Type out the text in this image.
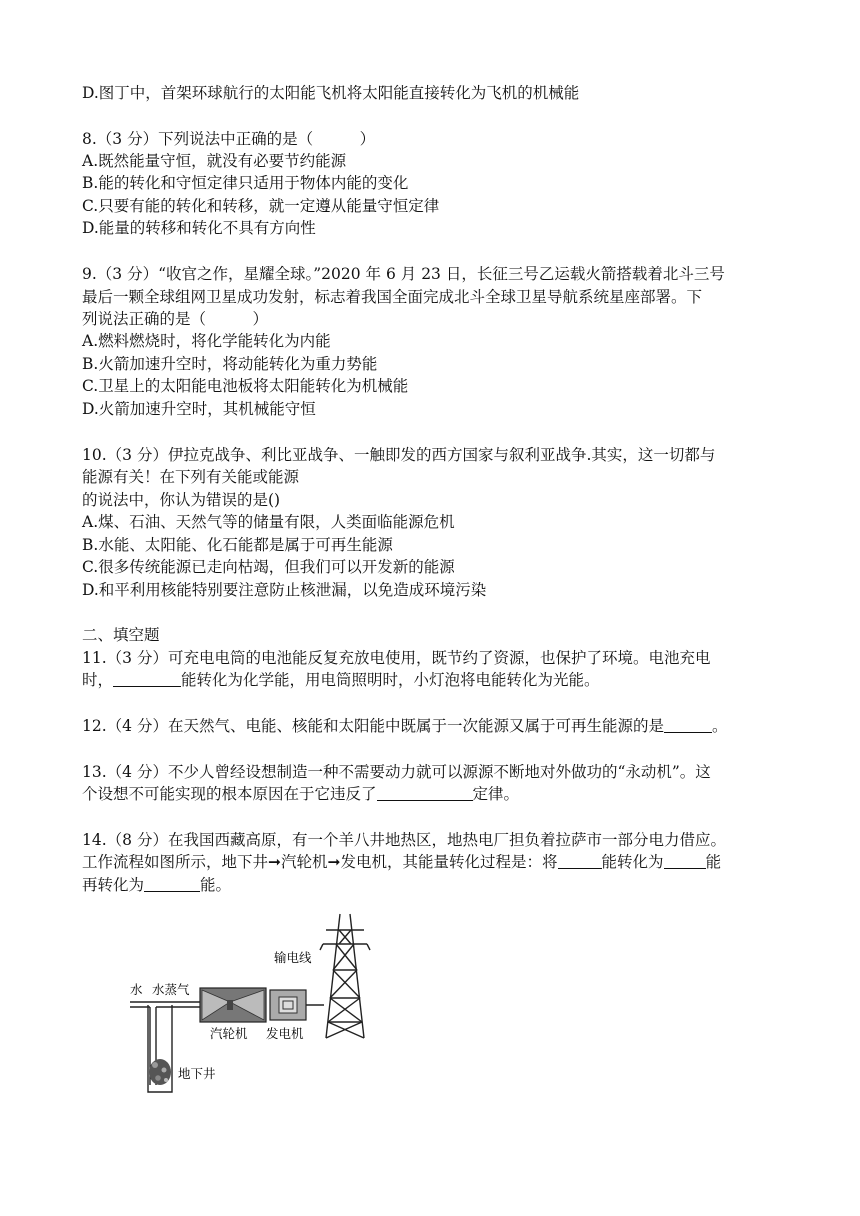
D.图丁中，首架环球航行的太阳能飞机将太阳能直接转化为飞机的机械能
8.（3 分）下列说法中正确的是（　　　）
A.既然能量守恒，就没有必要节约能源
B.能的转化和守恒定律只适用于物体内能的变化
C.只要有能的转化和转移，就一定遵从能量守恒定律
D.能量的转移和转化不具有方向性
9.（3 分）“收官之作，星耀全球。”2020 年 6 月 23 日，长征三号乙运载火箭搭载着北斗三号
最后一颗全球组网卫星成功发射，标志着我国全面完成北斗全球卫星导航系统星座部署。下
列说法正确的是（　　　）
A.燃料燃烧时，将化学能转化为内能
B.火箭加速升空时，将动能转化为重力势能
C.卫星上的太阳能电池板将太阳能转化为机械能
D.火箭加速升空时，其机械能守恒
10.（3 分）伊拉克战争、利比亚战争、一触即发的西方国家与叙利亚战争.其实，这一切都与
能源有关！在下列有关能或能源
的说法中，你认为错误的是()
A.煤、石油、天然气等的储量有限，人类面临能源危机
B.水能、太阳能、化石能都是属于可再生能源
C.很多传统能源已走向枯竭，但我们可以开发新的能源
D.和平利用核能特别要注意防止核泄漏，以免造成环境污染
二、填空题
11.（3 分）可充电电筒的电池能反复充放电使用，既节约了资源，也保护了环境。电池充电
时，	能转化为化学能，用电筒照明时，小灯泡将电能转化为光能。
12.（4 分）在天然气、电能、核能和太阳能中既属于一次能源又属于可再生能源的是	。
13.（4 分）不少人曾经设想制造一种不需要动力就可以源源不断地对外做功的“永动机”。这
个设想不可能实现的根本原因在于它违反了	定律。
14.（8 分）在我国西藏高原，有一个羊八井地热区，地热电厂担负着拉萨市一部分电力借应。
工作流程如图所示，地下井➞汽轮机➞发电机，其能量转化过程是：将	能转化为	能
再转化为	能。
水 水蒸气
汽轮机 发电机
输电线
地下井
